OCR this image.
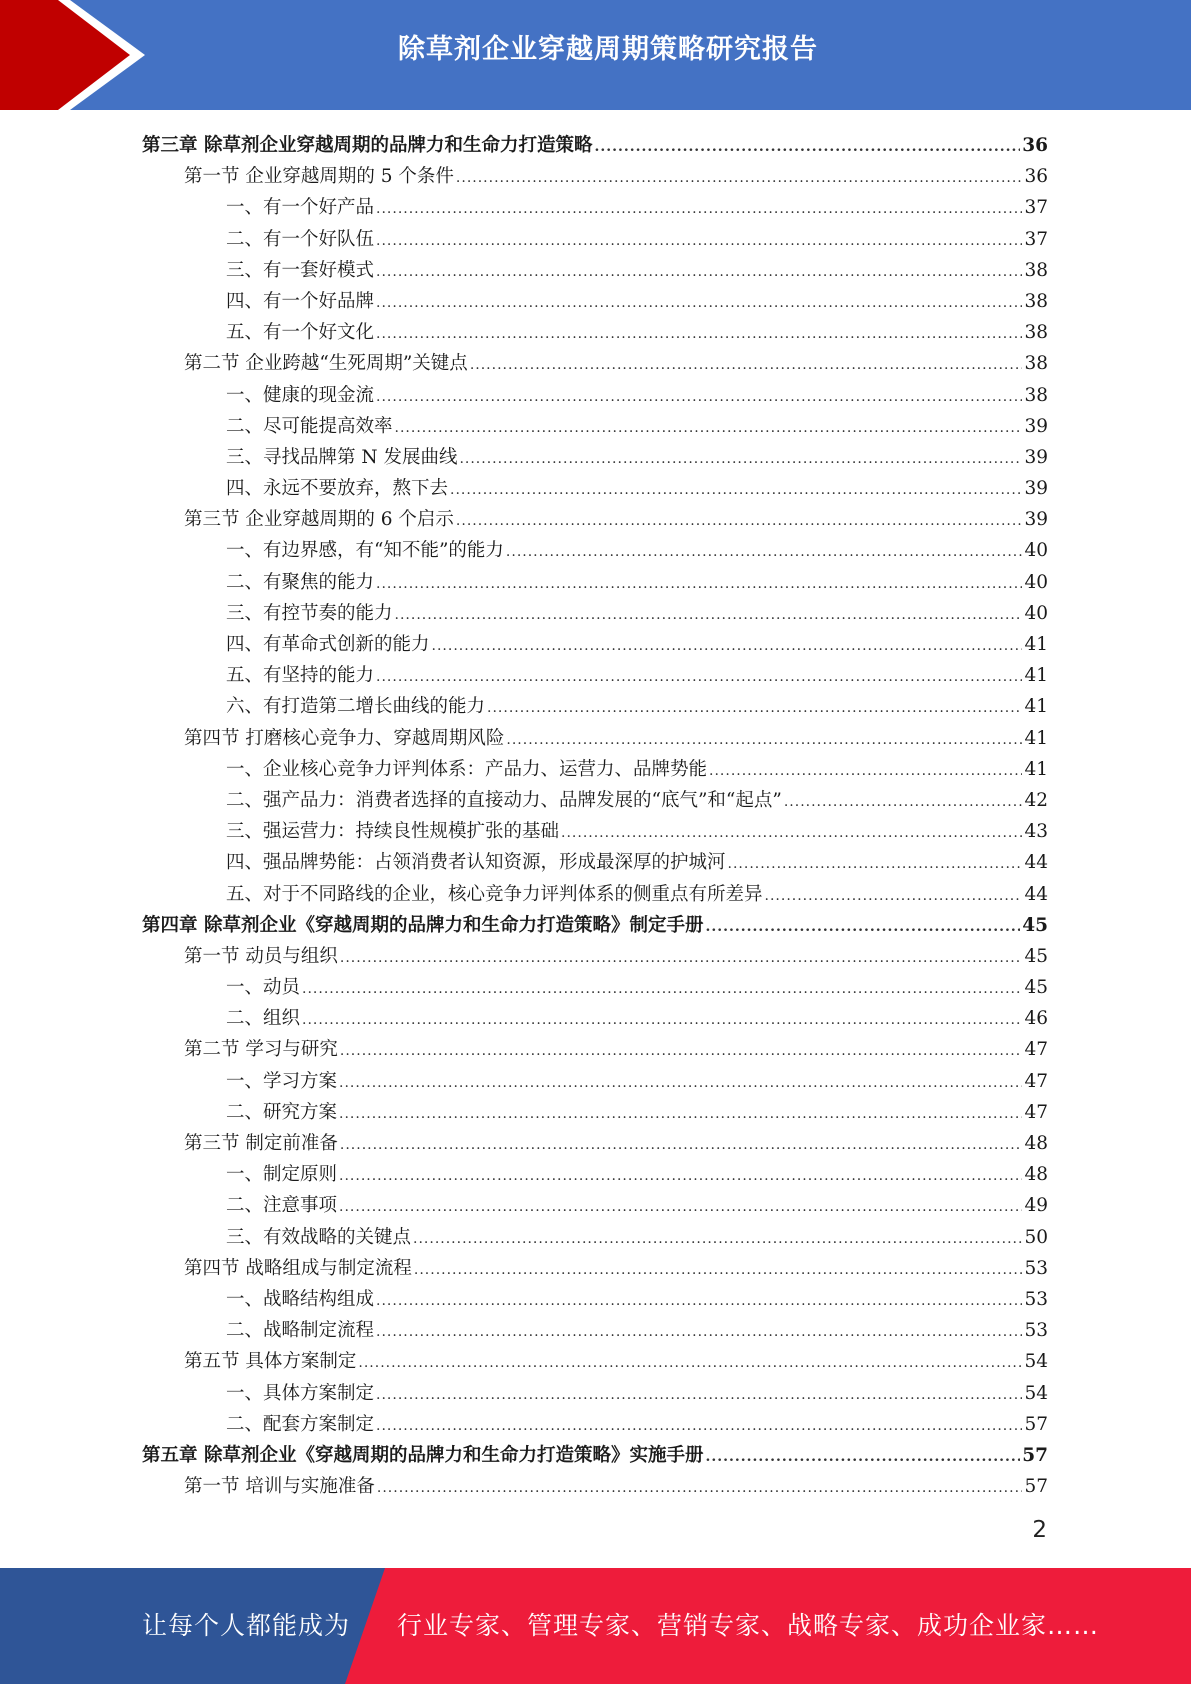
除草剂企业穿越周期策略研究报告
第三章 除草剂企业穿越周期的品牌力和生命力打造策略 .....	36
第一节 企业穿越周期的 5 个条件 .....	36
一、有一个好产品 .....	37
二、有一个好队伍 .....	37
三、有一套好模式 .....	38
四、有一个好品牌 .....	38
五、有一个好文化 .....	38
第二节 企业跨越“生死周期”关键点 .....	38
一、健康的现金流 .....	38
二、尽可能提高效率 .....	39
三、寻找品牌第 N 发展曲线 .....	39
四、永远不要放弃，熬下去 .....	39
第三节 企业穿越周期的 6 个启示 .....	39
一、有边界感，有“知不能”的能力 .....	40
二、有聚焦的能力 .....	40
三、有控节奏的能力 .....	40
四、有革命式创新的能力 .....	41
五、有坚持的能力 .....	41
六、有打造第二增长曲线的能力 .....	41
第四节 打磨核心竞争力、穿越周期风险 .....	41
一、企业核心竞争力评判体系：产品力、运营力、品牌势能 .....	41
二、强产品力：消费者选择的直接动力、品牌发展的“底气”和“起点” .....	42
三、强运营力：持续良性规模扩张的基础 .....	43
四、强品牌势能：占领消费者认知资源，形成最深厚的护城河 .....	44
五、对于不同路线的企业，核心竞争力评判体系的侧重点有所差异 .....	44
第四章 除草剂企业《穿越周期的品牌力和生命力打造策略》制定手册 .....	45
第一节 动员与组织 .....	45
一、动员 .....	45
二、组织 .....	46
第二节 学习与研究 .....	47
一、学习方案 .....	47
二、研究方案 .....	47
第三节 制定前准备 .....	48
一、制定原则 .....	48
二、注意事项 .....	49
三、有效战略的关键点 .....	50
第四节 战略组成与制定流程 .....	53
一、战略结构组成 .....	53
二、战略制定流程 .....	53
第五节 具体方案制定 .....	54
一、具体方案制定 .....	54
二、配套方案制定 .....	57
第五章 除草剂企业《穿越周期的品牌力和生命力打造策略》实施手册 .....	57
第一节 培训与实施准备 .....	57
2
让每个人都能成为 行业专家、管理专家、营销专家、战略专家、成功企业家……
